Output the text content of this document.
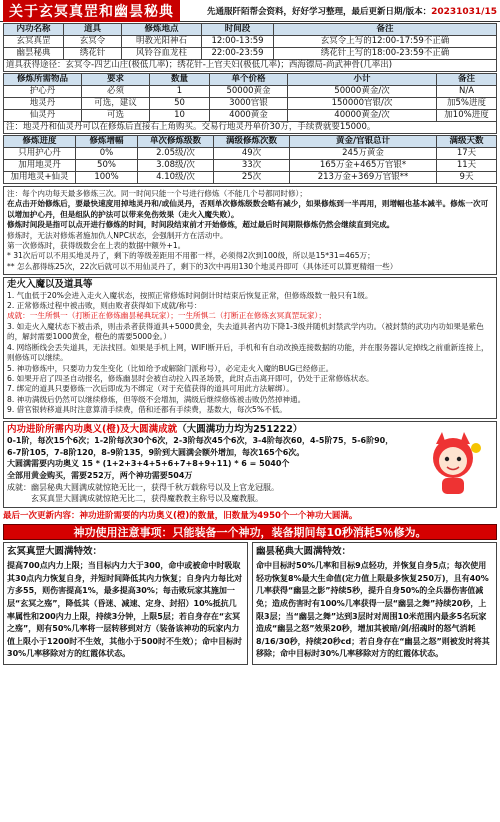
关于玄冥真罡和幽昙秘典	先通服阡陌帮会资料，好好学习整理，最后更新日期/版本：20231031/15
内功名称	道具	修炼地点	时间段	备注
玄冥真罡	玄冥令	明教光阳神石	12:00-13:59	玄冥令上写的12:00-17:59不正确
幽昙秘典	绣花针	风铃谷血龙柱	22:00-23:59	绣花针上写的18:00-23:59不正确
道具获得途径：玄冥令-四艺山庄(极低几率)；绣花针-上官夫妇(极低几率)；西海镖局-尚武神骨(几率出)
修炼所需物品	要求	数量	单个价格	小计	备注
护心丹	必须	1	50000黄金	50000黄金/次	N/A
地灵丹	可选，建议	50	3000官银	150000官银/次	加5%进度
仙灵丹	可选	10	4000黄金	40000黄金/次	加10%进度
注：地灵丹和仙灵丹可以在修炼后直接右上角购买。交易行地灵丹单价30万，手续费就要15000。
修炼进度	修炼增幅	单次修炼级数	满级修炼次数	黄金/官银总计	满级天数
只用护心丹	0%	2.05级/次	49次	245万黄金	17天
加用地灵丹	50%	3.08级/次	33次	165万金+465万官银*	11天
加用地灵+仙灵	100%	4.10级/次	25次	213万金+369万官银**	9天
注：每个内功每天最多修炼三次。同一时间只能一个号进行修炼（不能几个号都同时修）；
在点击开始修炼后，要最快速度用掉地灵丹和/或仙灵丹，否则单次修炼级数会略有减少，如果修炼到一半再用，则增幅也基本减半。修炼一次可以增加护心丹，但是组队的护法可以带来免伤效果（走火入魔失败）。
修炼时间段是指可以点开进行修炼的时间，时间段结束前才开始修炼，超过最后时间期限修炼仍然会继续直到完成。
修炼时，无法对修炼者施加仇人NPC状态，会强制开方在活动中。
第一次修炼时，获得级数会在上表的数据中额外+1。
* 31次后可以不用买地灵丹了，剩下的等级差距用不用都一样，必须得2次到100级，所以是15*31=465万；
** 怎么都得练25次，22次后就可以不用仙灵丹了，剩下的3次中再用130个地灵丹即可（具体还可以算更精细一些）
走火入魔以及道具等
1. 气血低于20%会进入走火入魔状态，按照正常修炼时间倒计时结束后恢复正常，但修炼级数一般只有1级。
2. 正常修炼过程中被击败，则由败者获得如下成就/称号：
成就：一生所惧一（打断正在修炼幽昙秘典玩家）；一生所惧二（打断正在修炼玄冥真罡玩家）；
3. 如走火入魔状态下被击杀，则击杀者获得道具+5000黄金，失去道具者内功下降1-3级并随机封禁武学内功。（被封禁的武功内功如果是紫色的，解封需要1000黄金，橙色的需要5000金。）
4. 网络断线会丢失道具，无法找回。如果是手机上网，WIFI断开后，手机和有自动改换连接数据的功能，并在服务器认定掉线之前重新连接上，则修炼可以继续。
5. 神功修炼中，只要功力发生变化（比如给予或解除门派称号），必定走火入魔的BUG已经修正。
6. 如果开启了四圣自动报名，修炼幽昙时会被自动拉入四圣场景，此时点击离开即可，仍处于正常修炼状态。
7. 绑定的道具只要修炼一次后即成为不绑定（对于充值获得的道具可用此方法解绑）。
8. 神功满级后仍然可以继续修炼，但等级不会增加，满级后继续修炼被击败仍然掉神通。
9. 借官银转移道具时注意算清手续费，借和还都有手续费，基数大，每次5%不低。
内功进阶所需内功奥义(橙)及大圆满成就（大圆满功力均为251222）
0-1阶，每次15个6次；1-2阶每次30个6次，2-3阶每次45个6次，3-4阶每次60，4-5阶75，5-6阶90，
6-7阶105，7-8阶120，8-9阶135，9阶到大圆满会额外增加，每次165个6次。
大圆满需要内功奥义 15 * (1+2+3+4+5+6+7+8+9+11) * 6 = 5040个
全部用黄金购买，需要252万，两个神功需要504万
成就：幽昙秘典大圆满成就惊艳无比一，获得千秋万载称号以及上官龙冠服。
玄冥真罡大圆满成就惊艳无比二，获得魔教教主称号以及魔教服。
最后一次更新内容：神功进阶需要的内功奥义(橙)的数量，旧数量为4950个一个神功大圆满。
神功使用注意事项：只能装备一个神功，装备期间每10秒消耗5％修为。
玄冥真罡大圆满特效：
提高700点内力上限；当目标内力大于300，命中或被命中时吸取其30点内力恢复自身，并短时间降低其内力恢复；自身内力每比对方多55，则伤害提高1%，最多提高30%；每击败玩家其施加一层“玄冥之殇”，降低其（昏迷、减速、定身、封招）10%抵抗几率属性和200内力上限，持续3分钟，上限5层；若自身存在“玄冥之殇”，则有50%几率将一层转移到对方（装备该神功的玩家内力值上限小于1200时不生效，其他小于500时不生效）；命中目标时30%几率移除对方的红霞体状态。
幽昙秘典大圆满特效：
命中目标时50%几率和目标9点轻功，并恢复自身5点；每次使用轻功恢复8%最大生命值(定力值上限最多恢复250万)，且有40%几率获得“幽昙之影”持续5秒，提升自身50%的全兵器伤害值减免；造成伤害时有100%几率获得一层“幽昙之舞”持续20秒，上限3层；当“幽昙之舞”达到3层时对周围10米范围内最多5名玩家造成“幽昙之怒”效果20秒，增加其被暗/剑/招魂时的怒气消耗8/16/30秒，持续20秒cd；若自身存在“幽昙之怒”则被发时将其移除；命中目标时30%几率移除对方的红霞体状态。
